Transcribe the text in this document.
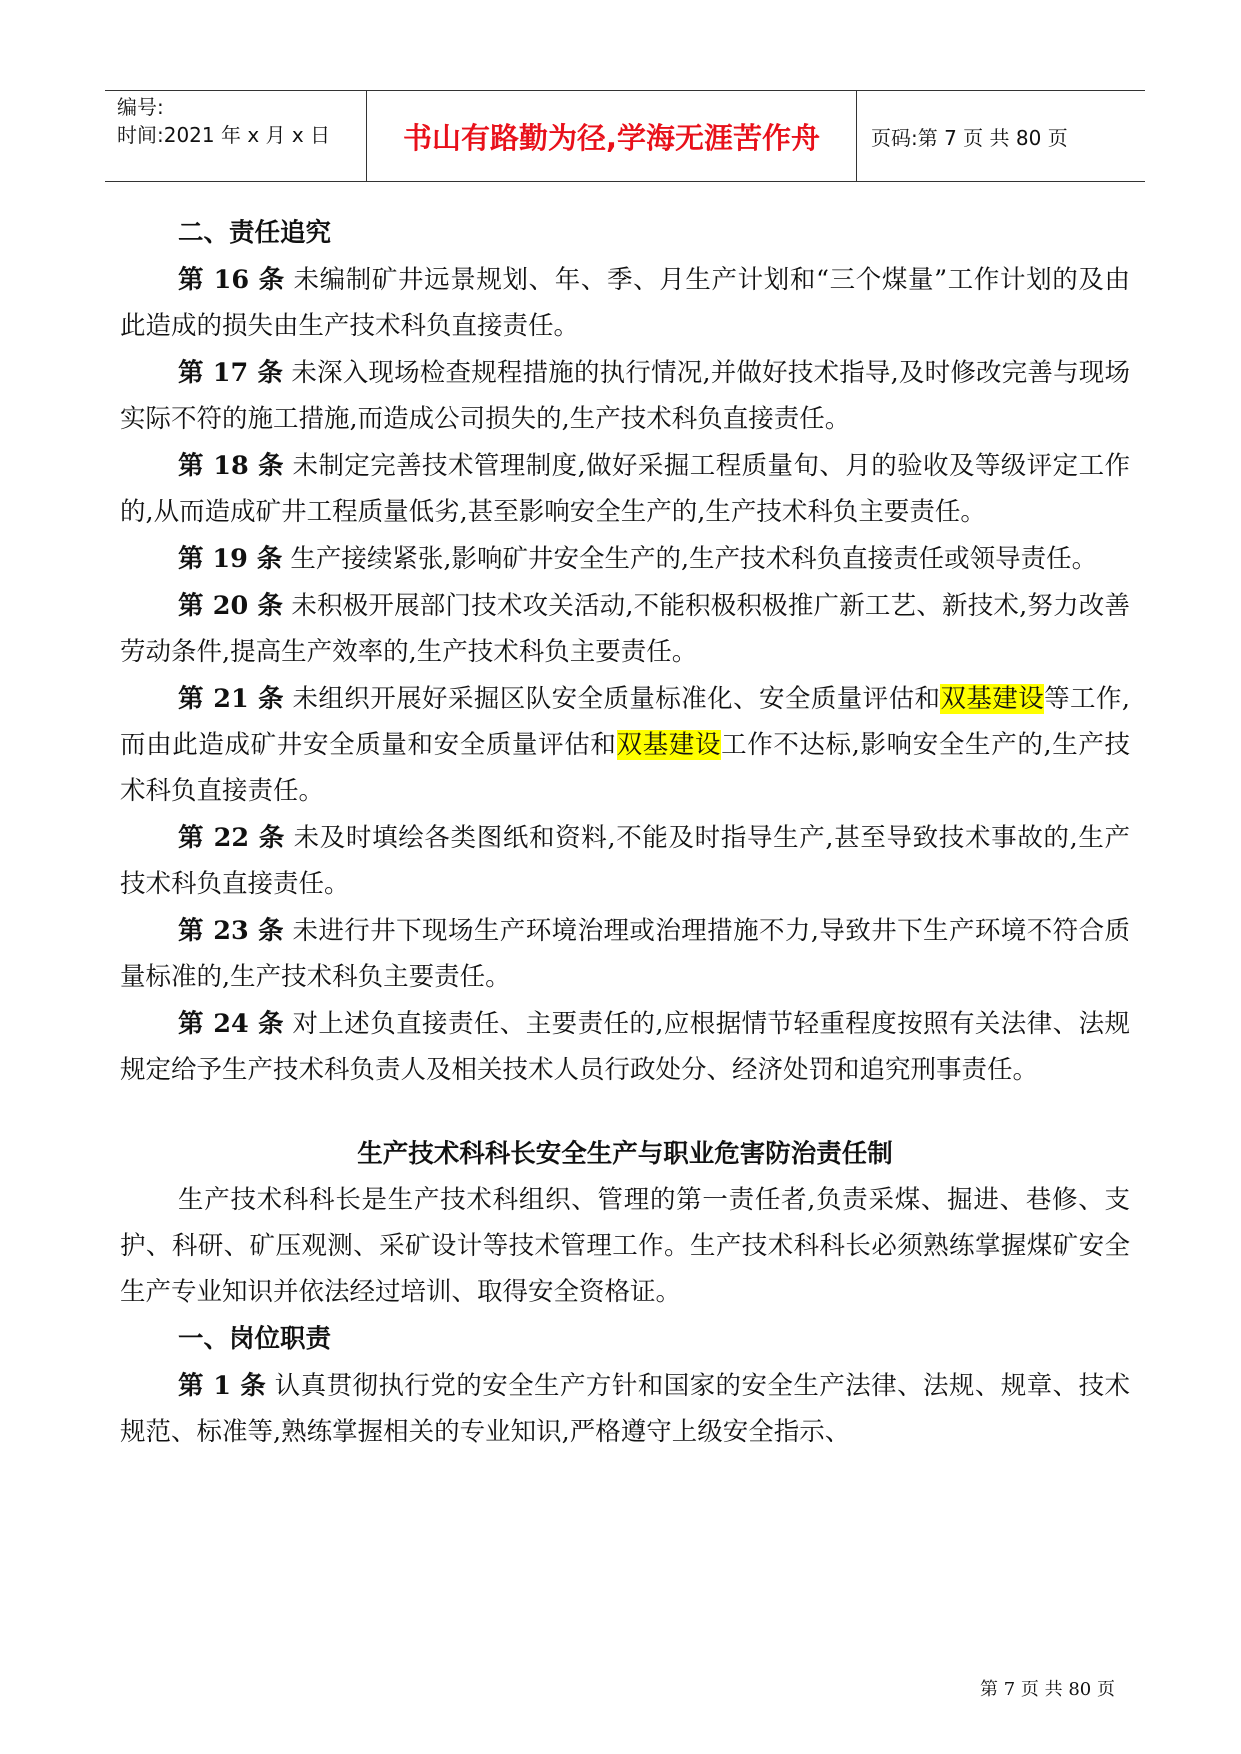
编号:
时间:2021 年 x 月 x 日	书山有路勤为径,学海无涯苦作舟	页码:第 7 页 共 80 页

二、责任追究

第 16 条 未编制矿井远景规划、年、季、月生产计划和“三个煤量”工作计划的及由此造成的损失由生产技术科负直接责任。

第 17 条 未深入现场检查规程措施的执行情况,并做好技术指导,及时修改完善与现场实际不符的施工措施,而造成公司损失的,生产技术科负直接责任。

第 18 条 未制定完善技术管理制度,做好采掘工程质量旬、月的验收及等级评定工作的,从而造成矿井工程质量低劣,甚至影响安全生产的,生产技术科负主要责任。

第 19 条 生产接续紧张,影响矿井安全生产的,生产技术科负直接责任或领导责任。

第 20 条 未积极开展部门技术攻关活动,不能积极积极推广新工艺、新技术,努力改善劳动条件,提高生产效率的,生产技术科负主要责任。

第 21 条 未组织开展好采掘区队安全质量标准化、安全质量评估和双基建设等工作,而由此造成矿井安全质量和安全质量评估和双基建设工作不达标,影响安全生产的,生产技术科负直接责任。

第 22 条 未及时填绘各类图纸和资料,不能及时指导生产,甚至导致技术事故的,生产技术科负直接责任。

第 23 条 未进行井下现场生产环境治理或治理措施不力,导致井下生产环境不符合质量标准的,生产技术科负主要责任。

第 24 条 对上述负直接责任、主要责任的,应根据情节轻重程度按照有关法律、法规规定给予生产技术科负责人及相关技术人员行政处分、经济处罚和追究刑事责任。

生产技术科科长安全生产与职业危害防治责任制

生产技术科科长是生产技术科组织、管理的第一责任者,负责采煤、掘进、巷修、支护、科研、矿压观测、采矿设计等技术管理工作。生产技术科科长必须熟练掌握煤矿安全生产专业知识并依法经过培训、取得安全资格证。

一、岗位职责

第 1 条 认真贯彻执行党的安全生产方针和国家的安全生产法律、法规、规章、技术规范、标准等,熟练掌握相关的专业知识,严格遵守上级安全指示、

第 7 页 共 80 页
